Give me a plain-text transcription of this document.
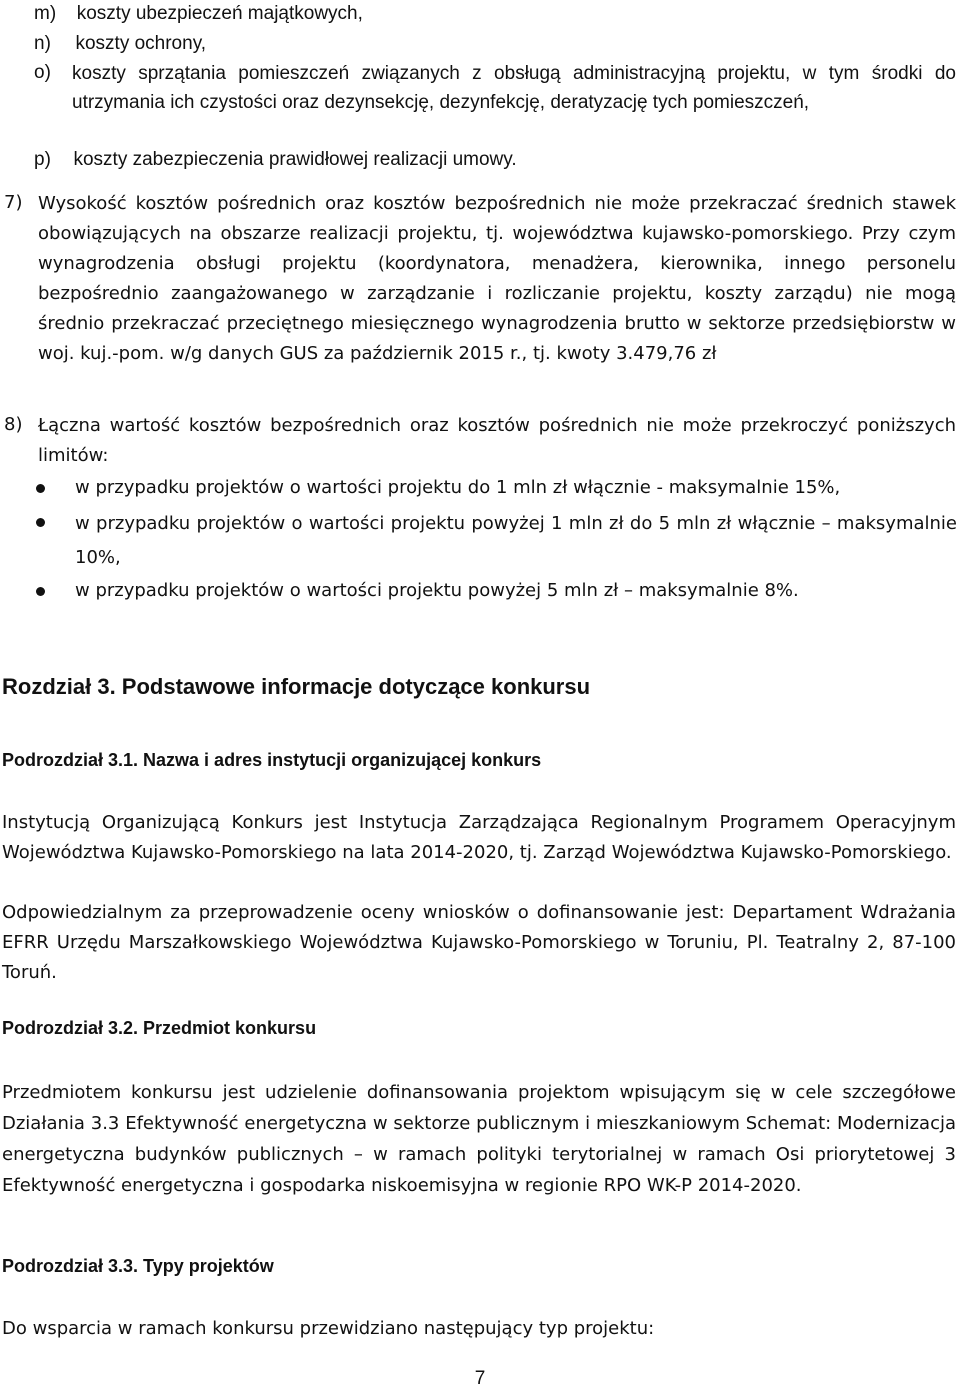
m) koszty ubezpieczeń majątkowych,
n) koszty ochrony,
o) koszty sprzątania pomieszczeń związanych z obsługą administracyjną projektu, w tym środki do utrzymania ich czystości oraz dezynsekcję, dezynfekcję, deratyzację tych pomieszczeń,
p) koszty zabezpieczenia prawidłowej realizacji umowy.
7) Wysokość kosztów pośrednich oraz kosztów bezpośrednich nie może przekraczać średnich stawek obowiązujących na obszarze realizacji projektu, tj. województwa kujawsko-pomorskiego. Przy czym wynagrodzenia obsługi projektu (koordynatora, menadżera, kierownika, innego personelu bezpośrednio zaangażowanego w zarządzanie i rozliczanie projektu, koszty zarządu) nie mogą średnio przekraczać przeciętnego miesięcznego wynagrodzenia brutto w sektorze przedsiębiorstw w woj. kuj.-pom. w/g danych GUS za październik 2015 r., tj. kwoty 3.479,76 zł
8) Łączna wartość kosztów bezpośrednich oraz kosztów pośrednich nie może przekroczyć poniższych limitów:
w przypadku projektów o wartości projektu do 1 mln zł włącznie - maksymalnie 15%,
w przypadku projektów o wartości projektu powyżej 1 mln zł do 5 mln zł włącznie – maksymalnie 10%,
w przypadku projektów o wartości projektu powyżej 5 mln zł – maksymalnie 8%.
Rozdział 3. Podstawowe informacje dotyczące konkursu
Podrozdział 3.1. Nazwa i adres instytucji organizującej konkurs
Instytucją Organizującą Konkurs jest Instytucja Zarządzająca Regionalnym Programem Operacyjnym Województwa Kujawsko-Pomorskiego na lata 2014-2020, tj. Zarząd Województwa Kujawsko-Pomorskiego.
Odpowiedzialnym za przeprowadzenie oceny wniosków o dofinansowanie jest: Departament Wdrażania EFRR Urzędu Marszałkowskiego Województwa Kujawsko-Pomorskiego w Toruniu, Pl. Teatralny 2, 87-100 Toruń.
Podrozdział 3.2. Przedmiot konkursu
Przedmiotem konkursu jest udzielenie dofinansowania projektom wpisującym się w cele szczegółowe Działania 3.3 Efektywność energetyczna w sektorze publicznym i mieszkaniowym Schemat: Modernizacja energetyczna budynków publicznych – w ramach polityki terytorialnej w ramach Osi priorytetowej 3 Efektywność energetyczna i gospodarka niskoemisyjna w regionie RPO WK-P 2014-2020.
Podrozdział 3.3. Typy projektów
Do wsparcia w ramach konkursu przewidziano następujący typ projektu:
7
